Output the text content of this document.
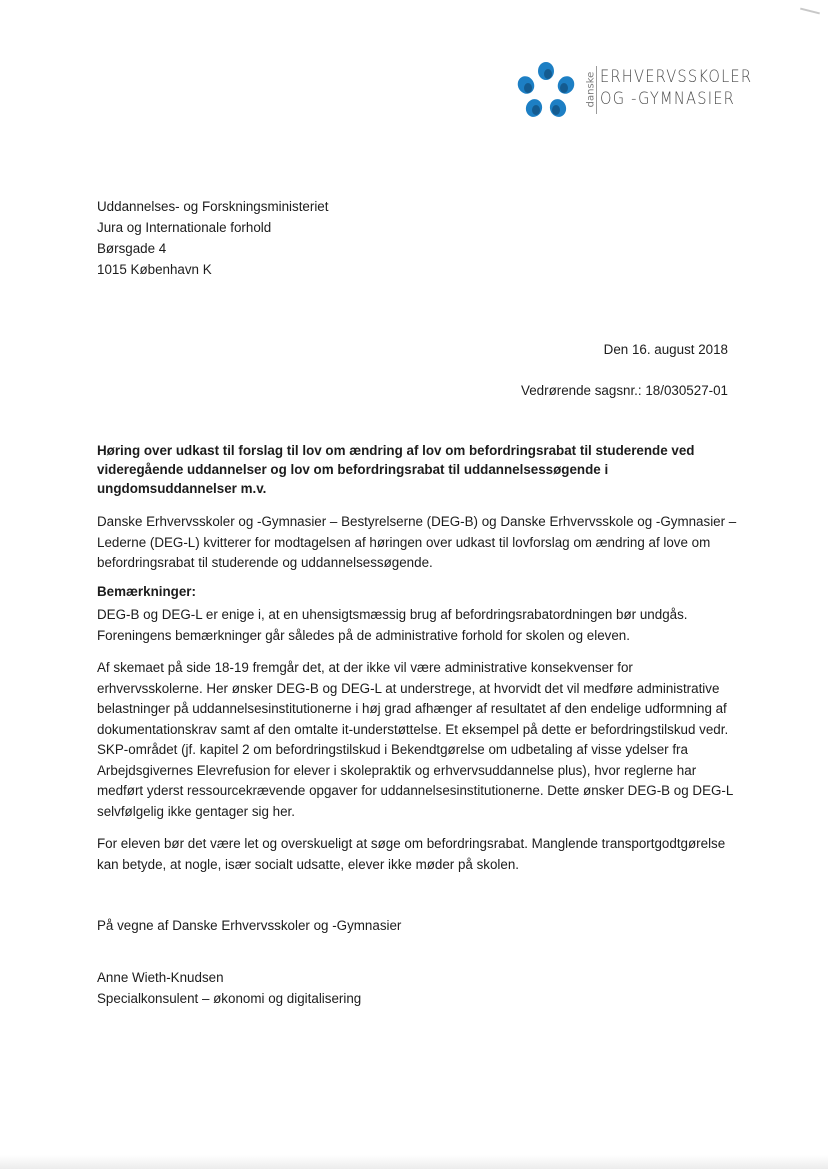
danske ERHVERVSSKOLER
OG -GYMNASIER
Uddannelses- og Forskningsministeriet
Jura og Internationale forhold
Børsgade 4
1015 København K
Den 16. august 2018
Vedrørende sagsnr.: 18/030527-01
Høring over udkast til forslag til lov om ændring af lov om befordringsrabat til studerende ved videregående uddannelser og lov om befordringsrabat til uddannelsessøgende i ungdomsuddannelser m.v.
Danske Erhvervsskoler og -Gymnasier – Bestyrelserne (DEG-B) og Danske Erhvervsskole og -Gymnasier – Lederne (DEG-L) kvitterer for modtagelsen af høringen over udkast til lovforslag om ændring af love om befordringsrabat til studerende og uddannelsessøgende.
Bemærkninger:
DEG-B og DEG-L er enige i, at en uhensigtsmæssig brug af befordringsrabatordningen bør undgås. Foreningens bemærkninger går således på de administrative forhold for skolen og eleven.
Af skemaet på side 18-19 fremgår det, at der ikke vil være administrative konsekvenser for erhvervsskolerne. Her ønsker DEG-B og DEG-L at understrege, at hvorvidt det vil medføre administrative belastninger på uddannelsesinstitutionerne i høj grad afhænger af resultatet af den endelige udformning af dokumentationskrav samt af den omtalte it-understøttelse. Et eksempel på dette er befordringstilskud vedr. SKP-området (jf. kapitel 2 om befordringstilskud i Bekendtgørelse om udbetaling af visse ydelser fra Arbejdsgivernes Elevrefusion for elever i skolepraktik og erhvervsuddannelse plus), hvor reglerne har medført yderst ressourcekrævende opgaver for uddannelsesinstitutionerne. Dette ønsker DEG-B og DEG-L selvfølgelig ikke gentager sig her.
For eleven bør det være let og overskueligt at søge om befordringsrabat. Manglende transportgodtgørelse kan betyde, at nogle, især socialt udsatte, elever ikke møder på skolen.
På vegne af Danske Erhvervsskoler og -Gymnasier
Anne Wieth-Knudsen
Specialkonsulent – økonomi og digitalisering
